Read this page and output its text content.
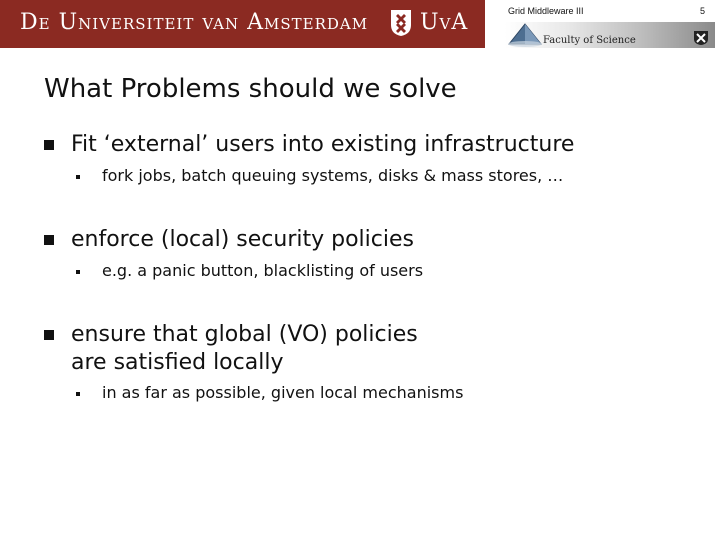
De Universiteit van Amsterdam UvA	Grid Middleware III	5
Faculty of Science
What Problems should we solve
Fit ‘external’ users into existing infrastructure
fork jobs, batch queuing systems, disks & mass stores, …
enforce (local) security policies
e.g. a panic button, blacklisting of users
ensure that global (VO) policies
are satisfied locally
in as far as possible, given local mechanisms
